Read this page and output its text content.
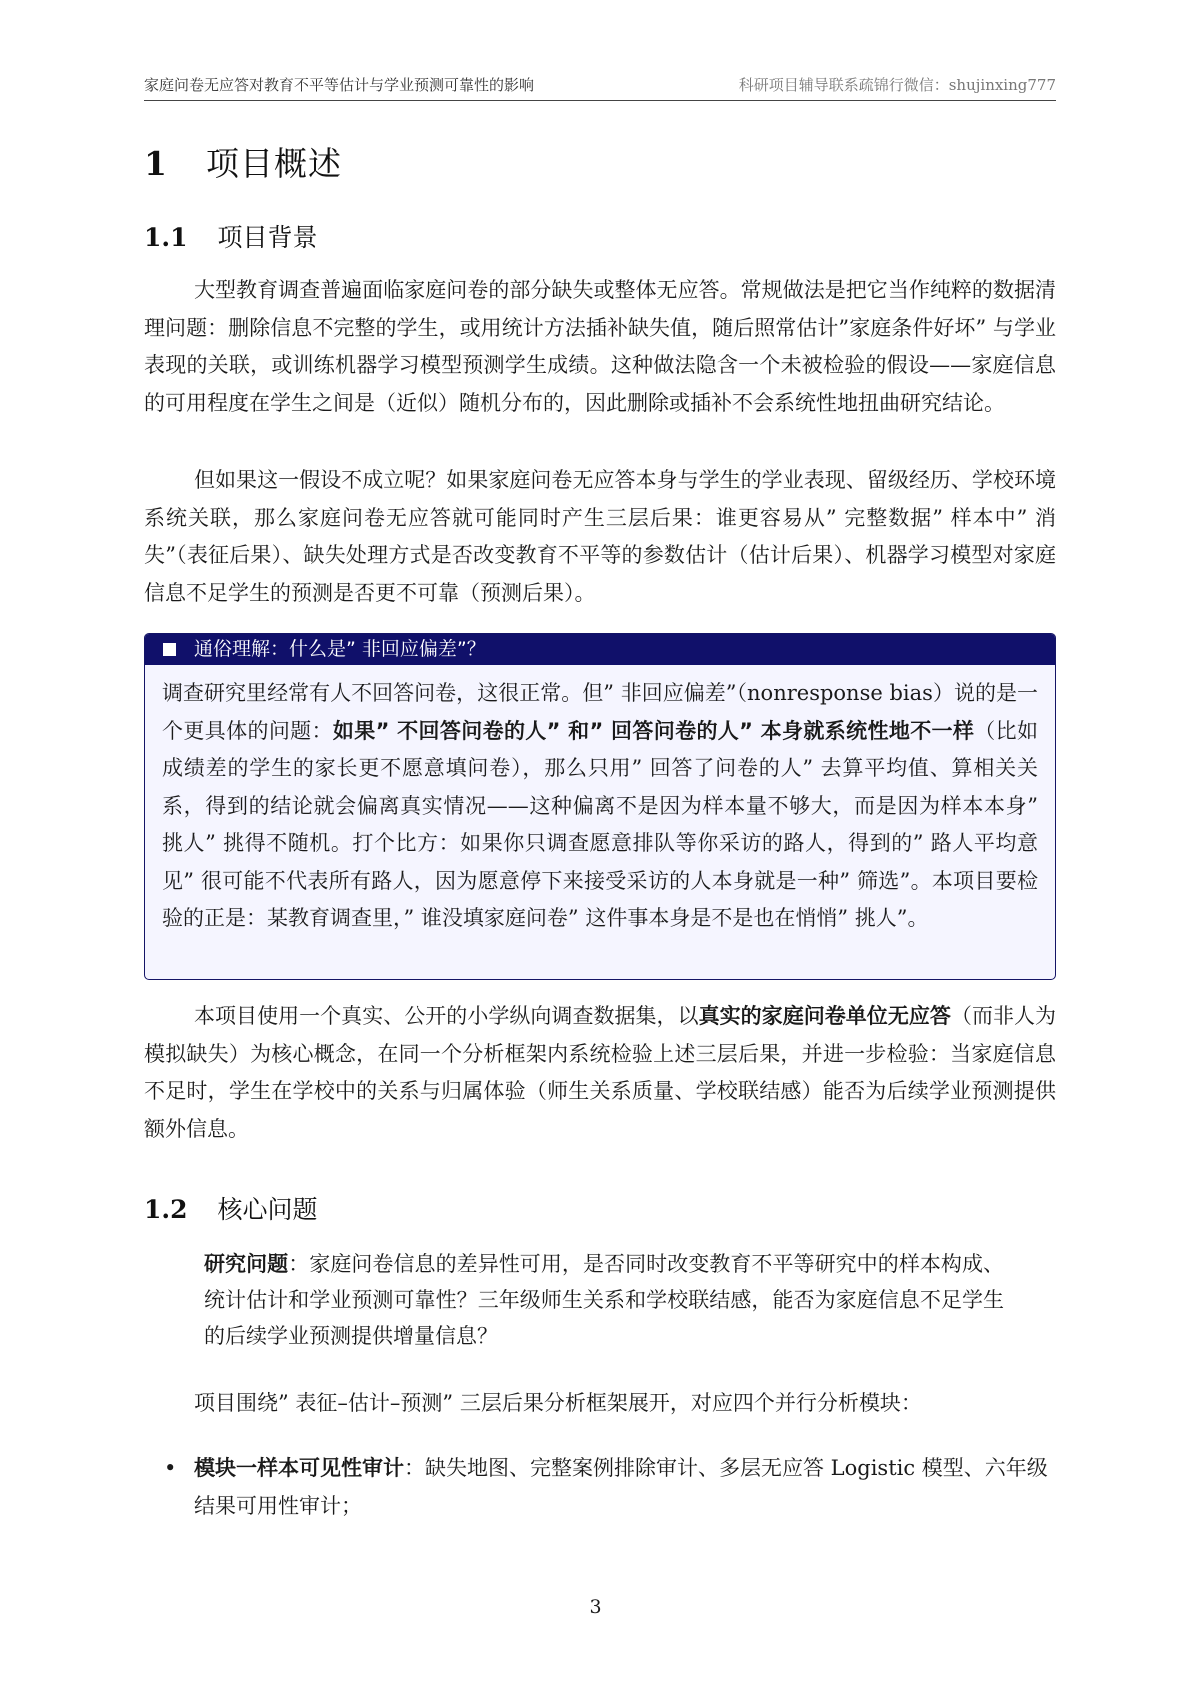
家庭问卷无应答对教育不平等估计与学业预测可靠性的影响	科研项目辅导联系疏锦行微信：shujinxing777
1 项目概述
1.1 项目背景

大型教育调查普遍面临家庭问卷的部分缺失或整体无应答。常规做法是把它当作纯粹的数据清理问题：删除信息不完整的学生，或用统计方法插补缺失值，随后照常估计”家庭条件好坏” 与学业表现的关联，或训练机器学习模型预测学生成绩。这种做法隐含一个未被检验的假设——家庭信息的可用程度在学生之间是（近似）随机分布的，因此删除或插补不会系统性地扭曲研究结论。

但如果这一假设不成立呢？如果家庭问卷无应答本身与学生的学业表现、留级经历、学校环境系统关联，那么家庭问卷无应答就可能同时产生三层后果：谁更容易从” 完整数据” 样本中” 消失”（表征后果）、缺失处理方式是否改变教育不平等的参数估计（估计后果）、机器学习模型对家庭信息不足学生的预测是否更不可靠（预测后果）。

通俗理解：什么是” 非回应偏差”？
调查研究里经常有人不回答问卷，这很正常。但” 非回应偏差”（nonresponse bias）说的是一个更具体的问题：如果” 不回答问卷的人” 和” 回答问卷的人” 本身就系统性地不一样（比如成绩差的学生的家长更不愿意填问卷），那么只用” 回答了问卷的人” 去算平均值、算相关关系，得到的结论就会偏离真实情况——这种偏离不是因为样本量不够大，而是因为样本本身” 挑人” 挑得不随机。打个比方：如果你只调查愿意排队等你采访的路人，得到的” 路人平均意见” 很可能不代表所有路人，因为愿意停下来接受采访的人本身就是一种” 筛选”。本项目要检验的正是：某教育调查里，” 谁没填家庭问卷” 这件事本身是不是也在悄悄” 挑人”。

本项目使用一个真实、公开的小学纵向调查数据集，以真实的家庭问卷单位无应答（而非人为模拟缺失）为核心概念，在同一个分析框架内系统检验上述三层后果，并进一步检验：当家庭信息不足时，学生在学校中的关系与归属体验（师生关系质量、学校联结感）能否为后续学业预测提供额外信息。

1.2 核心问题
研究问题：家庭问卷信息的差异性可用，是否同时改变教育不平等研究中的样本构成、统计估计和学业预测可靠性？三年级师生关系和学校联结感，能否为家庭信息不足学生的后续学业预测提供增量信息？
项目围绕” 表征–估计–预测” 三层后果分析框架展开，对应四个并行分析模块：
• 模块一样本可见性审计：缺失地图、完整案例排除审计、多层无应答 Logistic 模型、六年级结果可用性审计；
3
